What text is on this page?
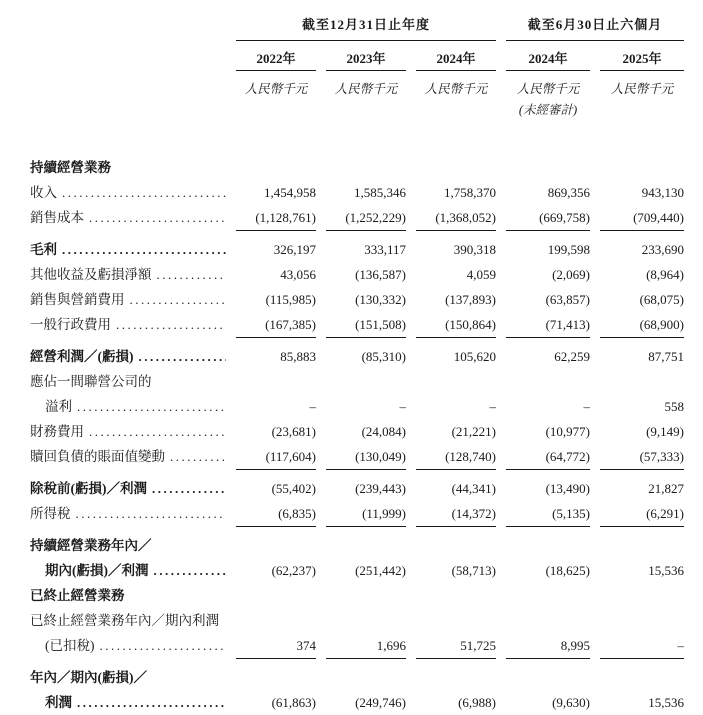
截至12月31日止年度	截至6月30日止六個月
2022年	2023年	2024年	2024年	2025年
人民幣千元	人民幣千元	人民幣千元	人民幣千元	人民幣千元
(未經審計)
持續經營業務
收入 .....	1,454,958	1,585,346	1,758,370	869,356	943,130
銷售成本 .....	(1,128,761)	(1,252,229)	(1,368,052)	(669,758)	(709,440)
毛利 .....	326,197	333,117	390,318	199,598	233,690
其他收益及虧損淨額 .....	43,056	(136,587)	4,059	(2,069)	(8,964)
銷售與營銷費用 .....	(115,985)	(130,332)	(137,893)	(63,857)	(68,075)
一般行政費用 .....	(167,385)	(151,508)	(150,864)	(71,413)	(68,900)
經營利潤／(虧損) .....	85,883	(85,310)	105,620	62,259	87,751
應佔一間聯營公司的
溢利 .....	–	–	–	–	558
財務費用 .....	(23,681)	(24,084)	(21,221)	(10,977)	(9,149)
贖回負債的賬面值變動 .....	(117,604)	(130,049)	(128,740)	(64,772)	(57,333)
除稅前(虧損)／利潤 .....	(55,402)	(239,443)	(44,341)	(13,490)	21,827
所得稅 .....	(6,835)	(11,999)	(14,372)	(5,135)	(6,291)
持續經營業務年內／
期內(虧損)／利潤 .....	(62,237)	(251,442)	(58,713)	(18,625)	15,536
已終止經營業務
已終止經營業務年內／期內利潤
(已扣稅) .....	374	1,696	51,725	8,995	–
年內／期內(虧損)／
利潤 .....	(61,863)	(249,746)	(6,988)	(9,630)	15,536
